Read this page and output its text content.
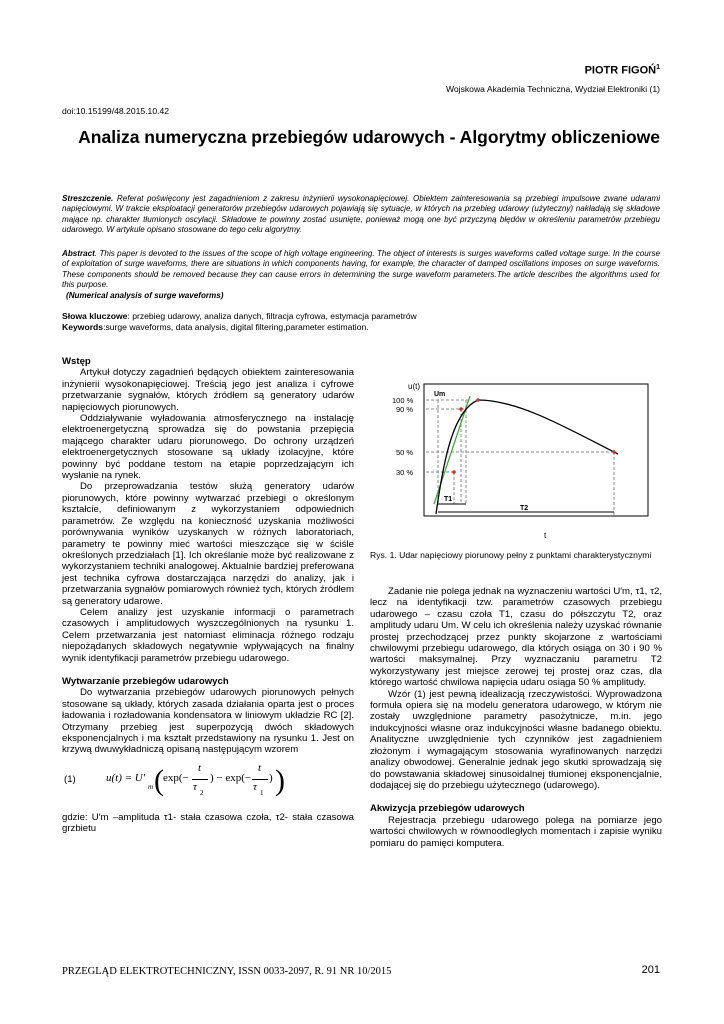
PIOTR FIGOŃ$^1$
Wojskowa Akademia Techniczna, Wydział Elektroniki (1)
doi:10.15199/48.2015.10.42
Analiza numeryczna przebiegów udarowych - Algorytmy obliczeniowe
Streszczenie. Referat poświęcony jest zagadnieniom z zakresu inżynierii wysokonapięciowej. Obiektem zainteresowania są przebiegi impulsowe zwane udarami napięciowymi. W trakcie eksploatacji generatorów przebiegów udarowych pojawiają się sytuacje, w których na przebieg udarowy (użyteczny) nakładają się składowe mające np. charakter tłumionych oscylacji. Składowe te powinny zostać usunięte, ponieważ mogą one być przyczyną błędów w określeniu parametrów przebiegu udarowego. W artykule opisano stosowane do tego celu algorytmy.
Abstract. This paper is devoted to the issues of the scope of high voltage engineering. The object of interests is surges waveforms called voltage surge. In the course of exploitation of surge waveforms, there are situations in which components having, for example, the character of damped oscillations imposes on surge waveforms. These components should be removed because they can cause errors in determining the surge waveform parameters.The article describes the algorithms used for this purpose.
(Numerical analysis of surge waveforms)
Słowa kluczowe: przebieg udarowy, analiza danych, filtracja cyfrowa, estymacja parametrów
Keywords:surge waveforms, data analysis, digital filtering,parameter estimation.
Wstęp

Artykuł dotyczy zagadnień będących obiektem zainteresowania inżynierii wysokonapięciowej. Treścią jego jest analiza i cyfrowe przetwarzanie sygnałów, których źródłem są generatory udarów napięciowych piorunowych.

Oddziaływanie wyładowania atmosferycznego na instalację elektroenergetyczną sprowadza się do powstania przepięcia mającego charakter udaru piorunowego. Do ochrony urządzeń elektroenergetycznych stosowane są układy izolacyjne, które powinny być poddane testom na etapie poprzedzającym ich wysłanie na rynek.

Do przeprowadzania testów służą generatory udarów piorunowych, które powinny wytwarzać przebiegi o określonym kształcie, definiowanym z wykorzystaniem odpowiednich parametrów. Ze względu na konieczność uzyskania możliwości porównywania wyników uzyskanych w różnych laboratoriach, parametry te powinny mieć wartości mieszczące się w ściśle określonych przedziałach [1]. Ich określanie może być realizowane z wykorzystaniem techniki analogowej. Aktualnie bardziej preferowana jest technika cyfrowa dostarczająca narzędzi do analizy, jak i przetwarzania sygnałów pomiarowych również tych, których źródłem są generatory udarowe.

Celem analizy jest uzyskanie informacji o parametrach czasowych i amplitudowych wyszczególnionych na rysunku 1. Celem przetwarzania jest natomiast eliminacja różnego rodzaju niepożądanych składowych negatywnie wpływających na finalny wynik identyfikacji parametrów przebiegu udarowego.

Wytwarzanie przebiegów udarowych

Do wytwarzania przebiegów udarowych piorunowych pełnych stosowane są układy, których zasada działania oparta jest o proces ładowania i rozładowania kondensatora w liniowym układzie RC [2]. Otrzymany przebieg jest superpozycją dwóch składowych eksponencjalnych i ma kształt przedstawiony na rysunku 1. Jest on krzywą dwuwykładniczą opisaną następującym wzorem

(1)	u(t) = U′
m ( exp(−
t
τ 2
) − exp(−
t
τ 1
) )

gdzie: U′m –amplituda τ1- stała czasowa czoła, τ2- stała czasowa grzbietu

u(t)
Um
100 %
90 %
50 %
30 %
T1
T2
t
Rys. 1. Udar napięciowy piorunowy pełny z punktami charakterystycznymi

Zadanie nie polega jednak na wyznaczeniu wartości U′m, τ1, τ2, lecz na identyfikacji tzw. parametrów czasowych przebiegu udarowego – czasu czoła T1, czasu do półszczytu T2, oraz amplitudy udaru Um. W celu ich określenia należy uzyskać równanie prostej przechodzącej przez punkty skojarzone z wartościami chwilowymi przebiegu udarowego, dla których osiąga on 30 i 90 % wartości maksymalnej. Przy wyznaczaniu parametru T2 wykorzystywany jest miejsce zerowej tej prostej oraz czas, dla którego wartość chwilowa napięcia udaru osiąga 50 % amplitudy.

Wzór (1) jest pewną idealizacją rzeczywistości. Wyprowadzona formuła opiera się na modelu generatora udarowego, w którym nie zostały uwzględnione parametry pasożytnicze, m.in. jego indukcyjności własne oraz indukcyjności własne badanego obiektu. Analityczne uwzględnienie tych czynników jest zagadnieniem złożonym i wymagającym stosowania wyrafinowanych narzędzi analizy obwodowej. Generalnie jednak jego skutki sprowadzają się do powstawania składowej sinusoidalnej tłumionej eksponencjalnie, dodającej się do przebiegu użytecznego (udarowego).

Akwizycja przebiegów udarowych

Rejestracja przebiegu udarowego polega na pomiarze jego wartości chwilowych w równoodległych momentach i zapisie wyniku pomiaru do pamięci komputera.

PRZEGLĄD ELEKTROTECHNICZNY, ISSN 0033-2097, R. 91 NR 10/2015	201
